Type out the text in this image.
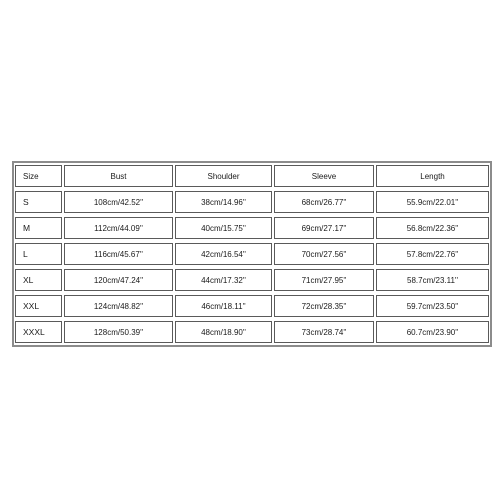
Size	Bust	Shoulder	Sleeve	Length

S	108cm/42.52''	38cm/14.96''	68cm/26.77''	55.9cm/22.01''

M	112cm/44.09''	40cm/15.75''	69cm/27.17''	56.8cm/22.36''

L	116cm/45.67''	42cm/16.54''	70cm/27.56''	57.8cm/22.76''

XL	120cm/47.24''	44cm/17.32''	71cm/27.95''	58.7cm/23.11''

XXL	124cm/48.82''	46cm/18.11''	72cm/28.35''	59.7cm/23.50''

XXXL	128cm/50.39''	48cm/18.90''	73cm/28.74''	60.7cm/23.90''
